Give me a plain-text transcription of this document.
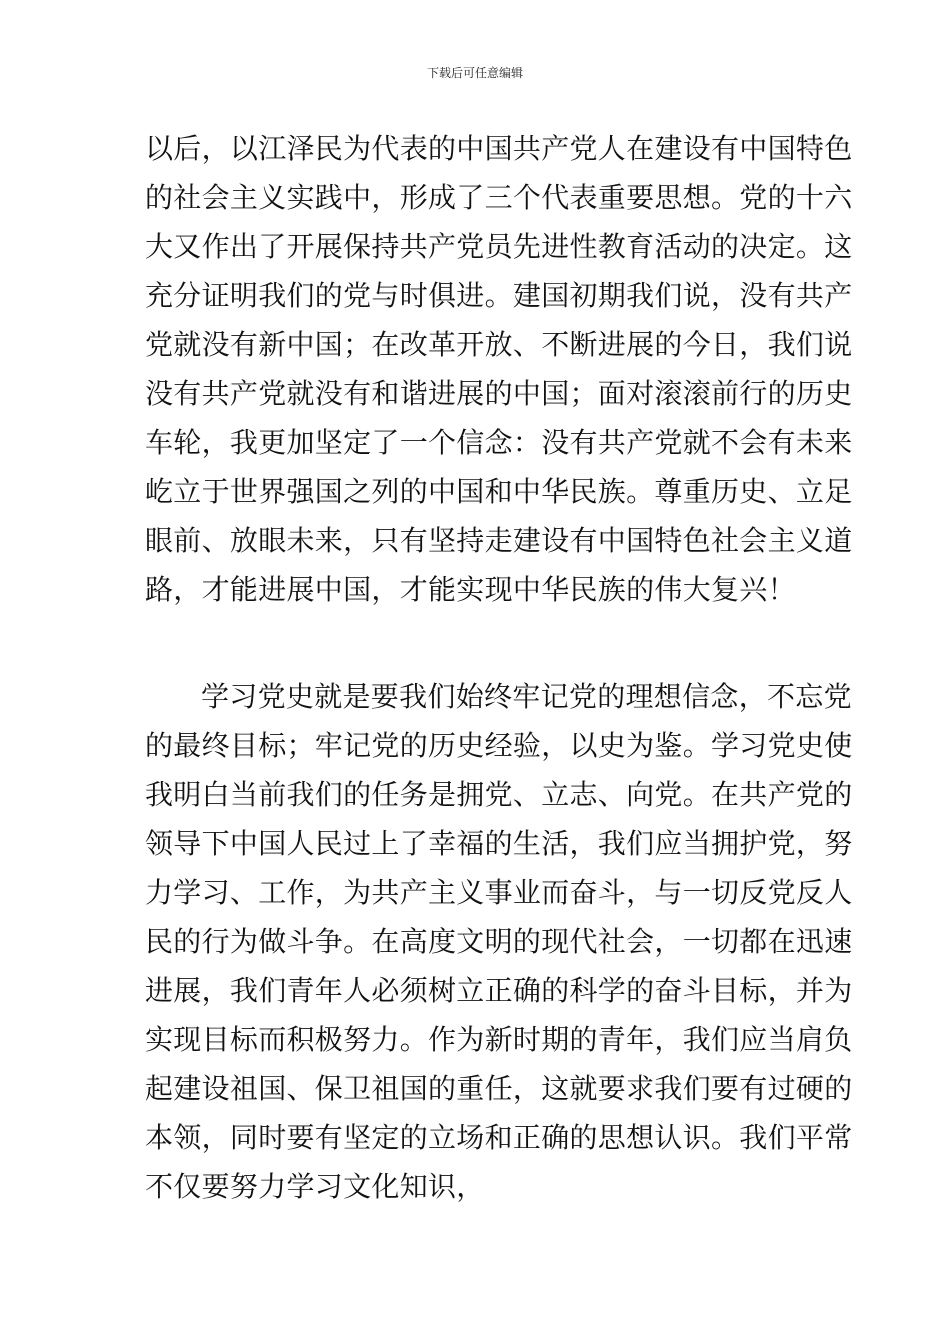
下载后可任意编辑
以后，以江泽民为代表的中国共产党人在建设有中国特色
的社会主义实践中，形成了三个代表重要思想。党的十六
大又作出了开展保持共产党员先进性教育活动的决定。这
充分证明我们的党与时俱进。建国初期我们说，没有共产
党就没有新中国；在改革开放、不断进展的今日，我们说
没有共产党就没有和谐进展的中国；面对滚滚前行的历史
车轮，我更加坚定了一个信念：没有共产党就不会有未来
屹立于世界强国之列的中国和中华民族。尊重历史、立足
眼前、放眼未来，只有坚持走建设有中国特色社会主义道
路，才能进展中国，才能实现中华民族的伟大复兴！
学习党史就是要我们始终牢记党的理想信念，不忘党
的最终目标；牢记党的历史经验，以史为鉴。学习党史使
我明白当前我们的任务是拥党、立志、向党。在共产党的
领导下中国人民过上了幸福的生活，我们应当拥护党，努
力学习、工作，为共产主义事业而奋斗，与一切反党反人
民的行为做斗争。在高度文明的现代社会，一切都在迅速
进展，我们青年人必须树立正确的科学的奋斗目标，并为
实现目标而积极努力。作为新时期的青年，我们应当肩负
起建设祖国、保卫祖国的重任，这就要求我们要有过硬的
本领，同时要有坚定的立场和正确的思想认识。我们平常
不仅要努力学习文化知识，
